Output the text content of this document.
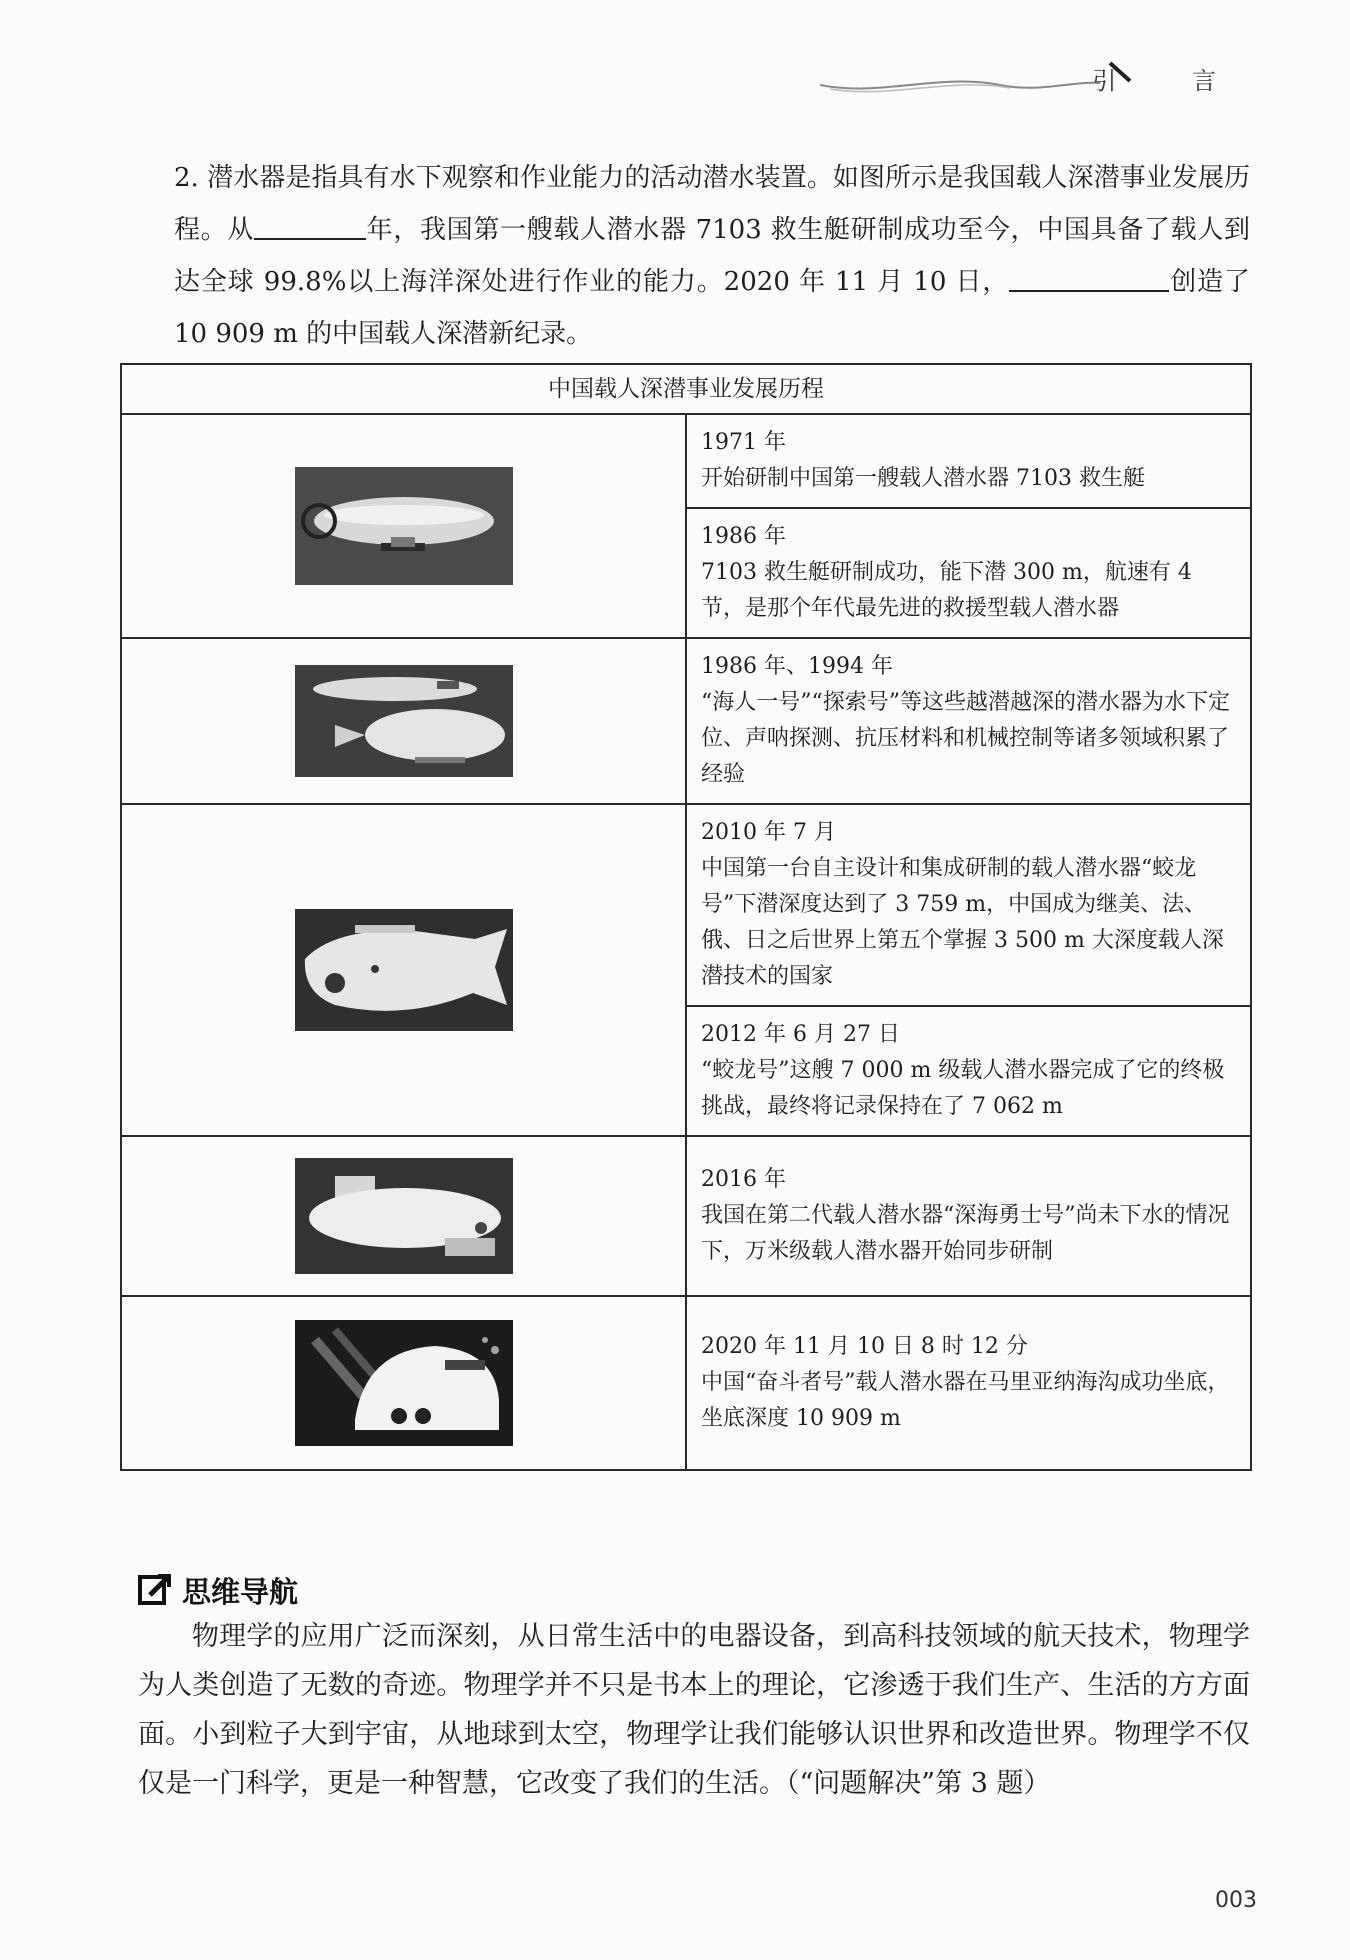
引 言
2. 潜水器是指具有水下观察和作业能力的活动潜水装置。如图所示是我国载人深潜事业发展历程。从	年，我国第一艘载人潜水器 7103 救生艇研制成功至今，中国具备了载人到达全球 99.8%以上海洋深处进行作业的能力。2020 年 11 月 10 日，	创造了 10 909 m 的中国载人深潜新纪录。
中国载人深潜事业发展历程	

1971 年
开始研制中国第一艘载人潜水器 7103 救生艇

	1986 年
7103 救生艇研制成功，能下潜 300 m，航速有 4 节，是那个年代最先进的救援型载人潜水器

1986 年、1994 年
“海人一号”“探索号”等这些越潜越深的潜水器为水下定位、声呐探测、抗压材料和机械控制等诸多领域积累了经验

2010 年 7 月
中国第一台自主设计和集成研制的载人潜水器“蛟龙号”下潜深度达到了 3 759 m，中国成为继美、法、俄、日之后世界上第五个掌握 3 500 m 大深度载人深潜技术的国家

	2012 年 6 月 27 日
“蛟龙号”这艘 7 000 m 级载人潜水器完成了它的终极挑战，最终将记录保持在了 7 062 m

2016 年
我国在第二代载人潜水器“深海勇士号”尚未下水的情况下，万米级载人潜水器开始同步研制

2020 年 11 月 10 日 8 时 12 分
中国“奋斗者号”载人潜水器在马里亚纳海沟成功坐底，坐底深度 10 909 m
思维导航
物理学的应用广泛而深刻，从日常生活中的电器设备，到高科技领域的航天技术，物理学为人类创造了无数的奇迹。物理学并不只是书本上的理论，它渗透于我们生产、生活的方方面面。小到粒子大到宇宙，从地球到太空，物理学让我们能够认识世界和改造世界。物理学不仅仅是一门科学，更是一种智慧，它改变了我们的生活。（“问题解决”第 3 题）
003
